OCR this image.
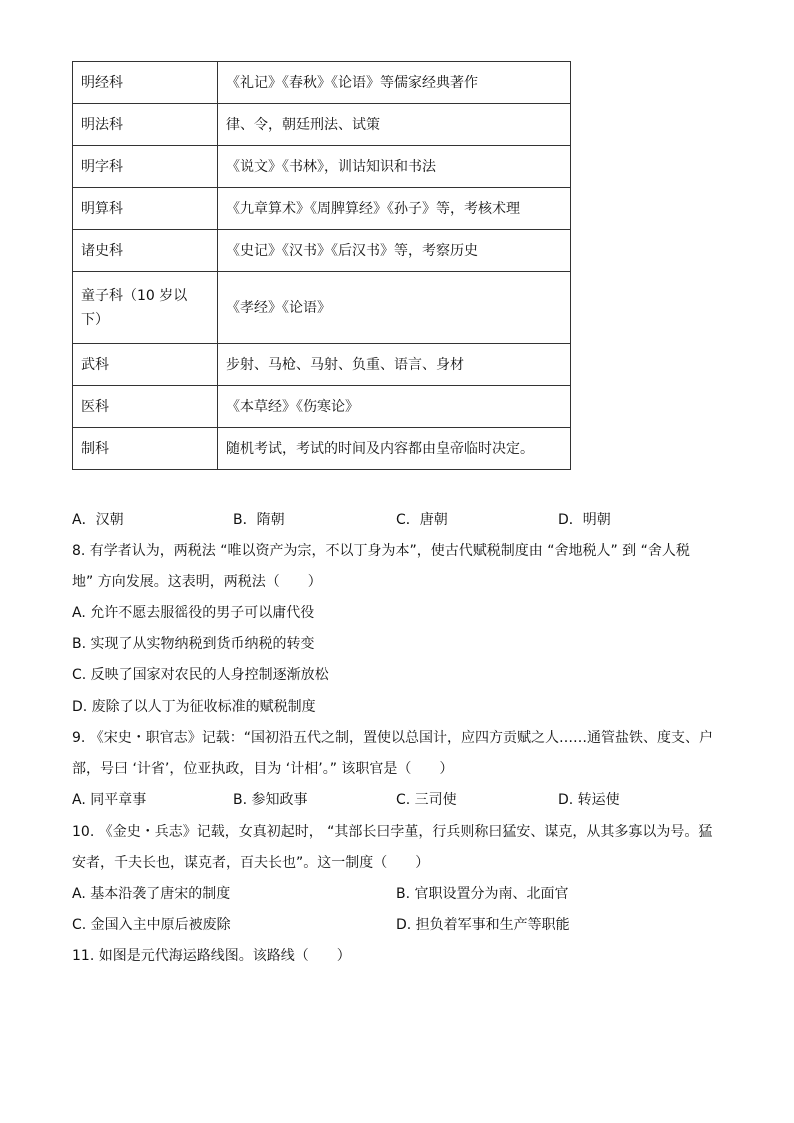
明经科	《礼记》《春秋》《论语》等儒家经典著作
明法科	律、令，朝廷刑法、试策
明字科	《说文》《书林》，训诂知识和书法
明算科	《九章算术》《周脾算经》《孙子》等，考核术理
诸史科	《史记》《汉书》《后汉书》等，考察历史

童子科（10 岁以
下）	《孝经》《论语》
武科	步射、马枪、马射、负重、语言、身材
医科	《本草经》《伤寒论》
制科	随机考试，考试的时间及内容都由皇帝临时决定。
A．汉朝	B．隋朝	C．唐朝	D．明朝
8. 有学者认为，两税法 “唯以资产为宗，不以丁身为本”，使古代赋税制度由 “舍地税人” 到 “舍人税
地” 方向发展。这表明，两税法（　　）
A. 允许不愿去服徭役的男子可以庸代役
B. 实现了从实物纳税到货币纳税的转变
C. 反映了国家对农民的人身控制逐渐放松
D. 废除了以人丁为征收标准的赋税制度
9. 《宋史・职官志》记载：“国初沿五代之制，置使以总国计，应四方贡赋之人……通管盐铁、度支、户
部，号曰 ‘计省’，位亚执政，目为 ‘计相’。” 该职官是（　　）
A. 同平章事	B. 参知政事	C. 三司使	D. 转运使
10. 《金史・兵志》记载，女真初起时， “其部长曰孛堇，行兵则称曰猛安、谋克，从其多寡以为号。猛
安者，千夫长也，谋克者，百夫长也”。这一制度（　　）
A. 基本沿袭了唐宋的制度	B. 官职设置分为南、北面官
C. 金国入主中原后被废除	D. 担负着军事和生产等职能
11. 如图是元代海运路线图。该路线（　　）
